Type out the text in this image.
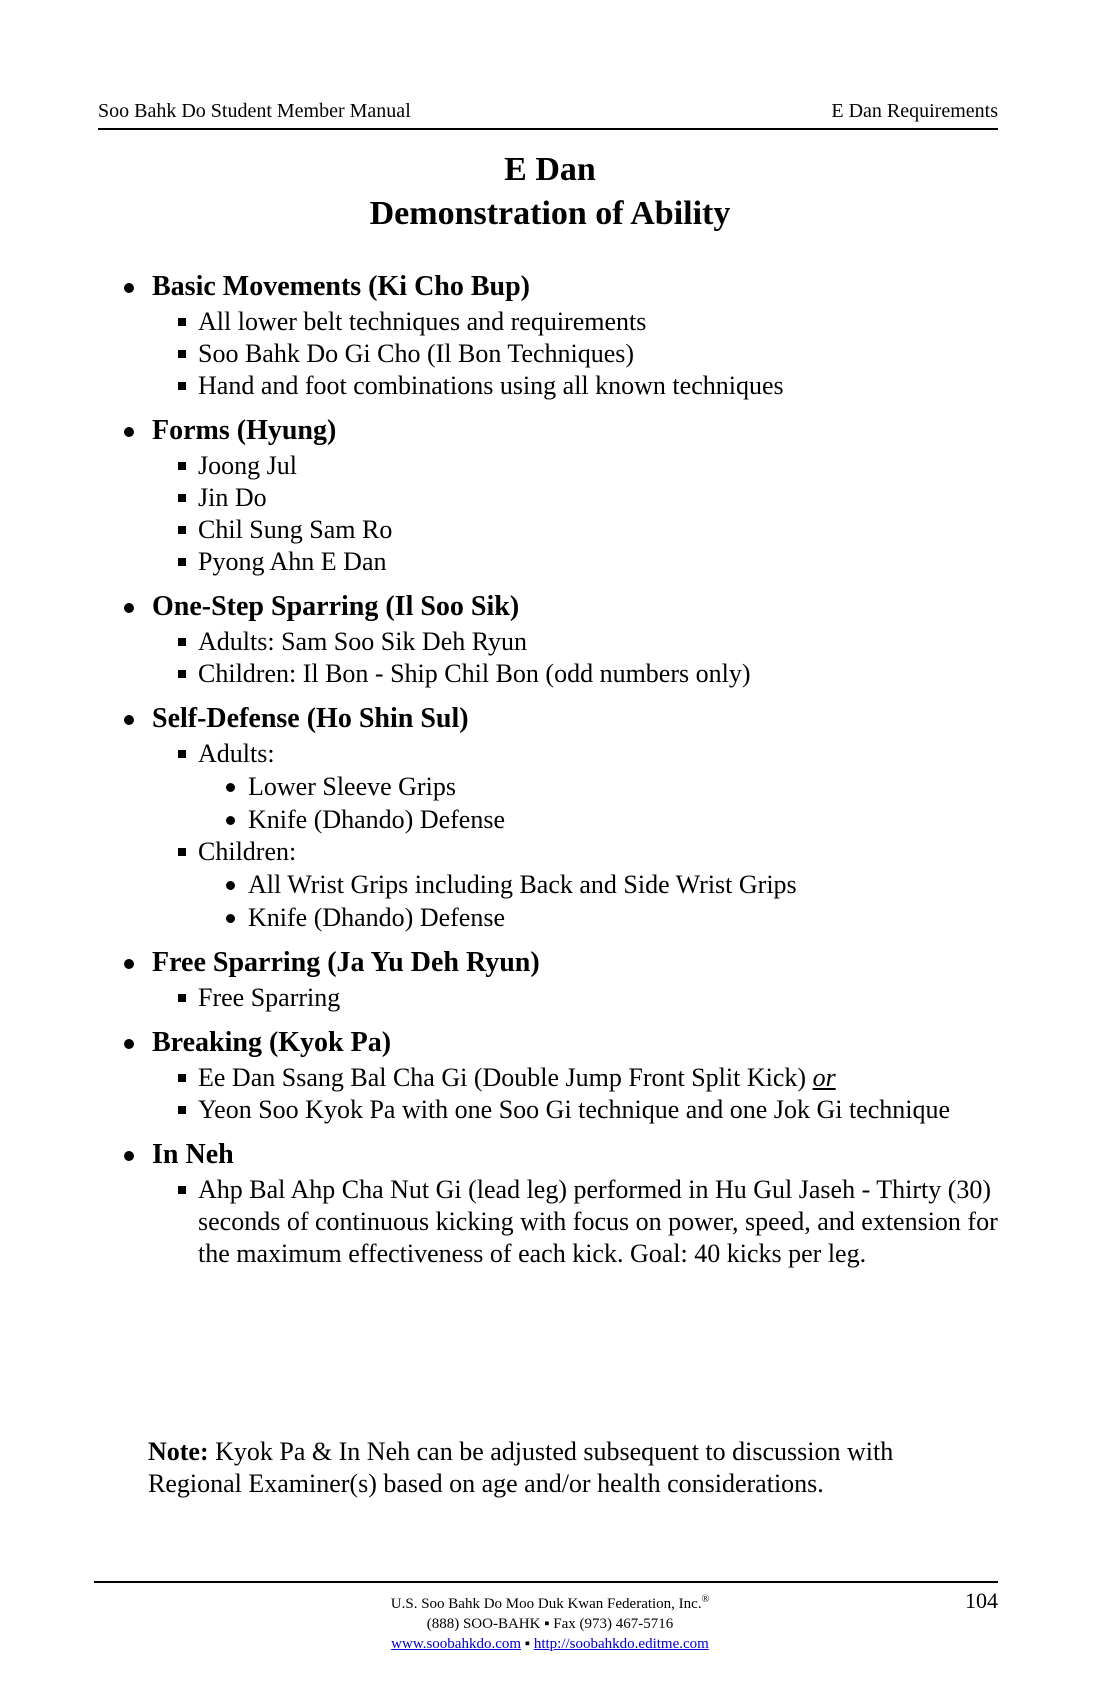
Soo Bahk Do Student Member Manual	E Dan Requirements
E Dan
Demonstration of Ability
Basic Movements (Ki Cho Bup)
All lower belt techniques and requirements
Soo Bahk Do Gi Cho (Il Bon Techniques)
Hand and foot combinations using all known techniques
Forms (Hyung)
Joong Jul
Jin Do
Chil Sung Sam Ro
Pyong Ahn E Dan
One-Step Sparring (Il Soo Sik)
Adults: Sam Soo Sik Deh Ryun
Children: Il Bon - Ship Chil Bon (odd numbers only)
Self-Defense (Ho Shin Sul)
Adults:
Lower Sleeve Grips
Knife (Dhando) Defense
Children:
All Wrist Grips including Back and Side Wrist Grips
Knife (Dhando) Defense
Free Sparring (Ja Yu Deh Ryun)
Free Sparring
Breaking (Kyok Pa)
Ee Dan Ssang Bal Cha Gi (Double Jump Front Split Kick) or
Yeon Soo Kyok Pa with one Soo Gi technique and one Jok Gi technique
In Neh
Ahp Bal Ahp Cha Nut Gi (lead leg) performed in Hu Gul Jaseh - Thirty (30) seconds of continuous kicking with focus on power, speed, and extension for the maximum effectiveness of each kick. Goal: 40 kicks per leg.
Note: Kyok Pa & In Neh can be adjusted subsequent to discussion with Regional Examiner(s) based on age and/or health considerations.
U.S. Soo Bahk Do Moo Duk Kwan Federation, Inc.®
(888) SOO-BAHK ▪ Fax (973) 467-5716
www.soobahkdo.com ▪ http://soobahkdo.editme.com
104
